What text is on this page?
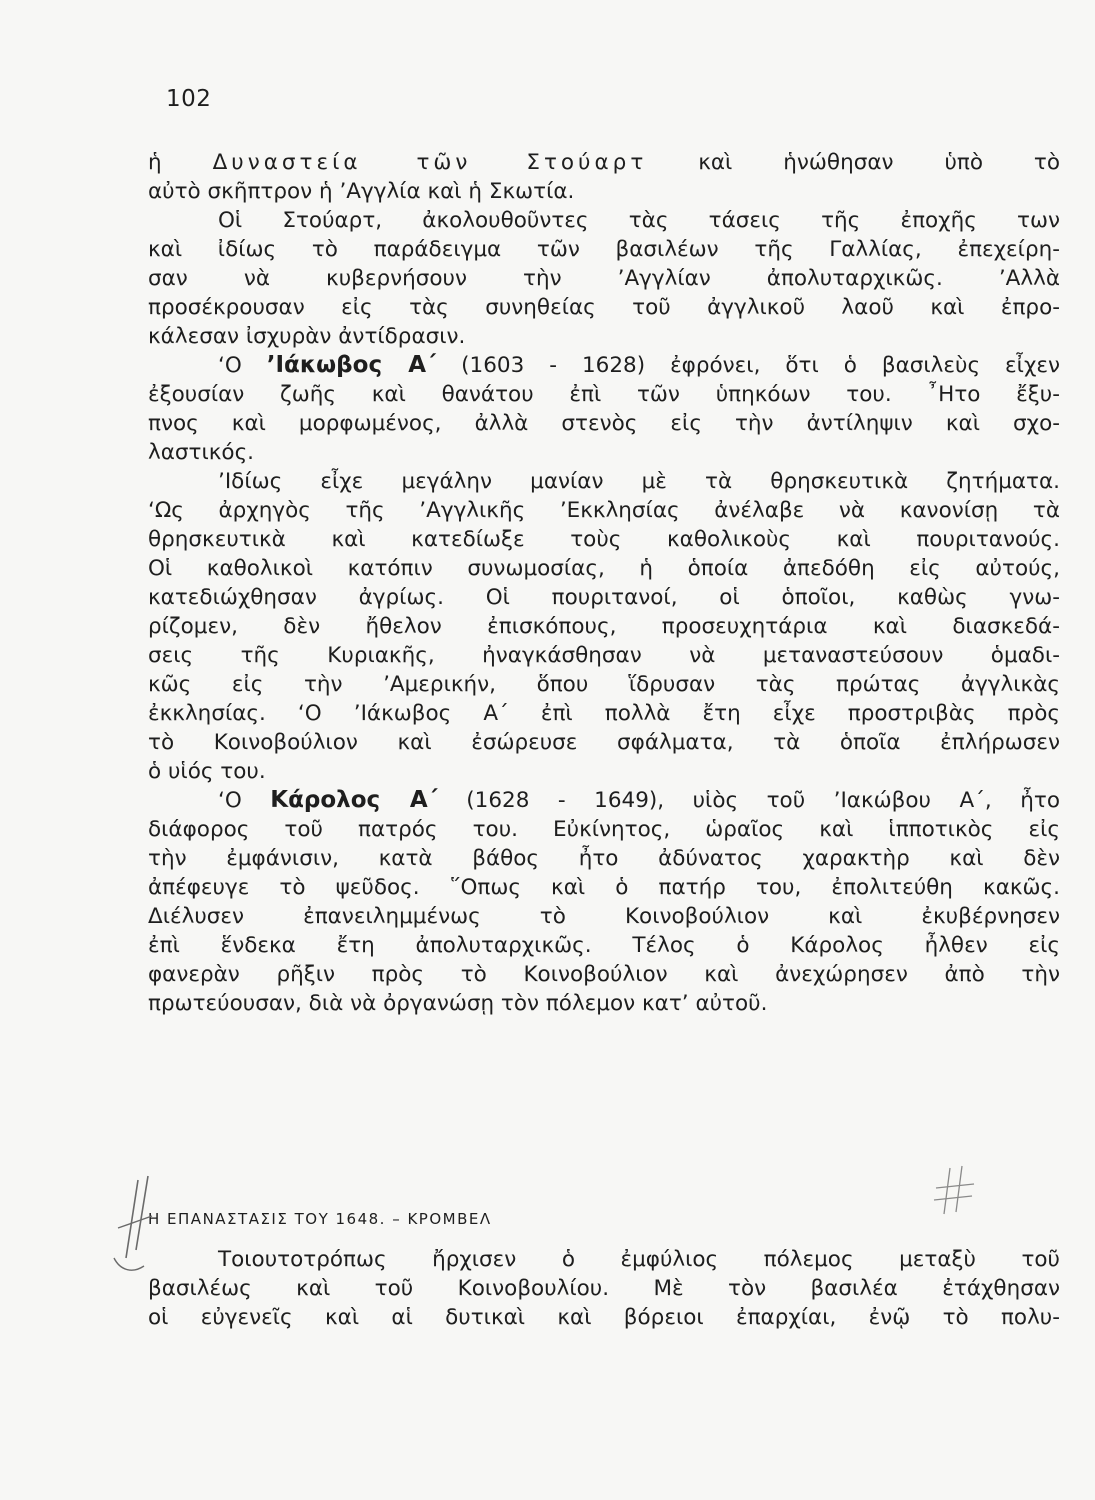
102
ἡ Δυναστεία τῶν Στούαρτ καὶ ἡνώθησαν ὑπὸ τὸ
αὐτὸ σκῆπτρον ἡ ’Αγγλία καὶ ἡ Σκωτία.
Οἱ Στούαρτ, ἀκολουθοῦντες τὰς τάσεις τῆς ἐποχῆς των
καὶ ἰδίως τὸ παράδειγμα τῶν βασιλέων τῆς Γαλλίας, ἐπεχείρη-
σαν νὰ κυβερνήσουν τὴν ’Αγγλίαν ἀπολυταρχικῶς. ’Αλλὰ
προσέκρουσαν εἰς τὰς συνηθείας τοῦ ἀγγλικοῦ λαοῦ καὶ ἐπρο-
κάλεσαν ἰσχυρὰν ἀντίδρασιν.
‘Ο ’Ιάκωβος Α΄ (1603 - 1628) ἐφρόνει, ὅτι ὁ βασιλεὺς εἶχεν
ἐξουσίαν ζωῆς καὶ θανάτου ἐπὶ τῶν ὑπηκόων του. ῏Ητο ἔξυ-
πνος καὶ μορφωμένος, ἀλλὰ στενὸς εἰς τὴν ἀντίληψιν καὶ σχο-
λαστικός.
’Ιδίως εἶχε μεγάλην μανίαν μὲ τὰ θρησκευτικὰ ζητήματα.
‘Ως ἀρχηγὸς τῆς ’Αγγλικῆς ’Εκκλησίας ἀνέλαβε νὰ κανονίσῃ τὰ
θρησκευτικὰ καὶ κατεδίωξε τοὺς καθολικοὺς καὶ πουριτανούς.
Οἱ καθολικοὶ κατόπιν συνωμοσίας, ἡ ὁποία ἀπεδόθη εἰς αὐτούς,
κατεδιώχθησαν ἀγρίως. Οἱ πουριτανοί, οἱ ὁποῖοι, καθὼς γνω-
ρίζομεν, δὲν ἤθελον ἐπισκόπους, προσευχητάρια καὶ διασκεδά-
σεις τῆς Κυριακῆς, ἠναγκάσθησαν νὰ μεταναστεύσουν ὁμαδι-
κῶς εἰς τὴν ’Αμερικήν, ὅπου ἵδρυσαν τὰς πρώτας ἀγγλικὰς
ἐκκλησίας. ‘Ο ’Ιάκωβος Α΄ ἐπὶ πολλὰ ἔτη εἶχε προστριβὰς πρὸς
τὸ Κοινοβούλιον καὶ ἐσώρευσε σφάλματα, τὰ ὁποῖα ἐπλήρωσεν
ὁ υἱός του.
‘Ο Κάρολος Α΄ (1628 - 1649), υἱὸς τοῦ ’Ιακώβου Α΄, ἦτο
διάφορος τοῦ πατρός του. Εὐκίνητος, ὡραῖος καὶ ἱπποτικὸς εἰς
τὴν ἐμφάνισιν, κατὰ βάθος ἦτο ἀδύνατος χαρακτὴρ καὶ δὲν
ἀπέφευγε τὸ ψεῦδος. ῞Οπως καὶ ὁ πατήρ του, ἐπολιτεύθη κακῶς.
Διέλυσεν ἐπανειλημμένως τὸ Κοινοβούλιον καὶ ἐκυβέρνησεν
ἐπὶ ἕνδεκα ἔτη ἀπολυταρχικῶς. Τέλος ὁ Κάρολος ἦλθεν εἰς
φανερὰν ρῆξιν πρὸς τὸ Κοινοβούλιον καὶ ἀνεχώρησεν ἀπὸ τὴν
πρωτεύουσαν, διὰ νὰ ὀργανώσῃ τὸν πόλεμον κατ’ αὐτοῦ.
Η ΕΠΑΝΑΣΤΑΣΙΣ ΤΟΥ 1648. – ΚΡΟΜΒΕΛ
Τοιουτοτρόπως ἤρχισεν ὁ ἐμφύλιος πόλεμος μεταξὺ τοῦ
βασιλέως καὶ τοῦ Κοινοβουλίου. Μὲ τὸν βασιλέα ἐτάχθησαν
οἱ εὐγενεῖς καὶ αἱ δυτικαὶ καὶ βόρειοι ἐπαρχίαι, ἐνῷ τὸ πολυ-
